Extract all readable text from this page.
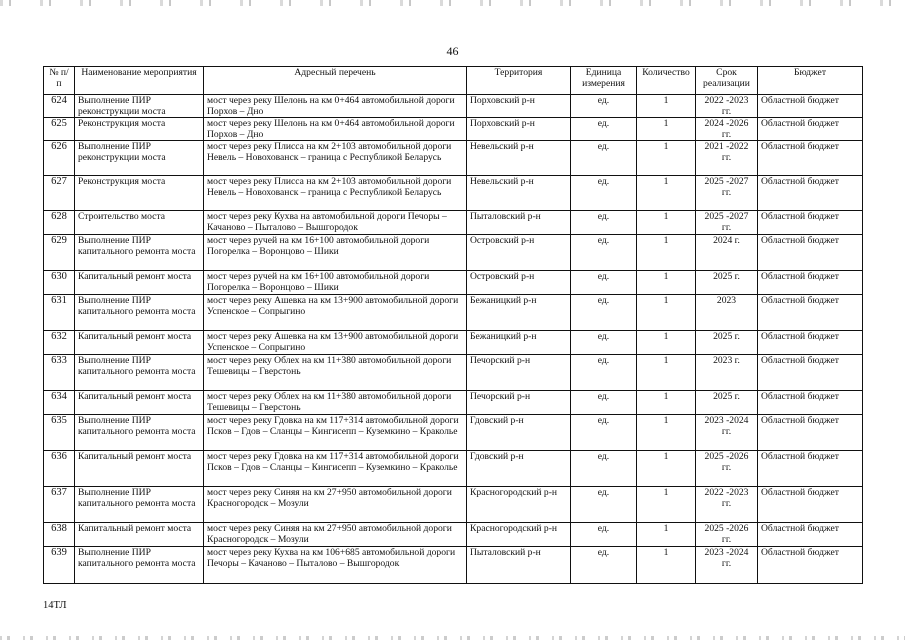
46
№ п/п	Наименование мероприятия	Адресный перечень	Территория	Единица измерения	Количество	Срок реализации	Бюджет
624	Выполнение ПИР реконструкции моста	мост через реку Шелонь на км 0+464 автомобильной дороги Порхов – Дно	Порховский р-н	ед.	1	2022 -2023 гг.	Областной бюджет
625	Реконструкция моста	мост через реку Шелонь на км 0+464 автомобильной дороги Порхов – Дно	Порховский р-н	ед.	1	2024 -2026 гг.	Областной бюджет
626	Выполнение ПИР реконструкции моста	мост через реку Плисса на км 2+103 автомобильной дороги Невель – Новохованск – граница с Республикой Беларусь	Невельский р-н	ед.	1	2021 -2022 гг.	Областной бюджет
627	Реконструкция моста	мост через реку Плисса на км 2+103 автомобильной дороги Невель – Новохованск – граница с Республикой Беларусь	Невельский р-н	ед.	1	2025 -2027 гг.	Областной бюджет
628	Строительство моста	мост через реку Кухва на автомобильной дороги Печоры – Качаново – Пыталово – Вышгородок	Пыталовский р-н	ед.	1	2025 -2027 гг.	Областной бюджет
629	Выполнение ПИР капитального ремонта моста	мост через ручей на км 16+100 автомобильной дороги Погорелка – Воронцово – Шики	Островский р-н	ед.	1	2024 г.	Областной бюджет
630	Капитальный ремонт моста	мост через ручей на км 16+100 автомобильной дороги Погорелка – Воронцово – Шики	Островский р-н	ед.	1	2025 г.	Областной бюджет
631	Выполнение ПИР капитального ремонта моста	мост через реку Ашевка на км 13+900 автомобильной дороги Успенское – Сопрыгино	Бежаницкий р-н	ед.	1	2023	Областной бюджет
632	Капитальный ремонт моста	мост через реку Ашевка на км 13+900 автомобильной дороги Успенское – Сопрыгино	Бежаницкий р-н	ед.	1	2025 г.	Областной бюджет
633	Выполнение ПИР капитального ремонта моста	мост через реку Облех на км 11+380 автомобильной дороги Тешевицы – Гверстонь	Печорский р-н	ед.	1	2023 г.	Областной бюджет
634	Капитальный ремонт моста	мост через реку Облех на км 11+380 автомобильной дороги Тешевицы – Гверстонь	Печорский р-н	ед.	1	2025 г.	Областной бюджет
635	Выполнение ПИР капитального ремонта моста	мост через реку Гдовка на км 117+314 автомобильной дороги Псков – Гдов – Сланцы – Кингисепп – Куземкино – Краколье	Гдовский р-н	ед.	1	2023 -2024 гг.	Областной бюджет
636	Капитальный ремонт моста	мост через реку Гдовка на км 117+314 автомобильной дороги Псков – Гдов – Сланцы – Кингисепп – Куземкино – Краколье	Гдовский р-н	ед.	1	2025 -2026 гг.	Областной бюджет
637	Выполнение ПИР капитального ремонта моста	мост через реку Синяя на км 27+950 автомобильной дороги Красногородск – Мозули	Красногородский р-н	ед.	1	2022 -2023 гг.	Областной бюджет
638	Капитальный ремонт моста	мост через реку Синяя на км 27+950 автомобильной дороги Красногородск – Мозули	Красногородский р-н	ед.	1	2025 -2026 гг.	Областной бюджет
639	Выполнение ПИР капитального ремонта моста	мост через реку Кухва на км 106+685 автомобильной дороги Печоры – Качаново – Пыталово – Вышгородок	Пыталовский р-н	ед.	1	2023 -2024 гг.	Областной бюджет
14ТЛ
